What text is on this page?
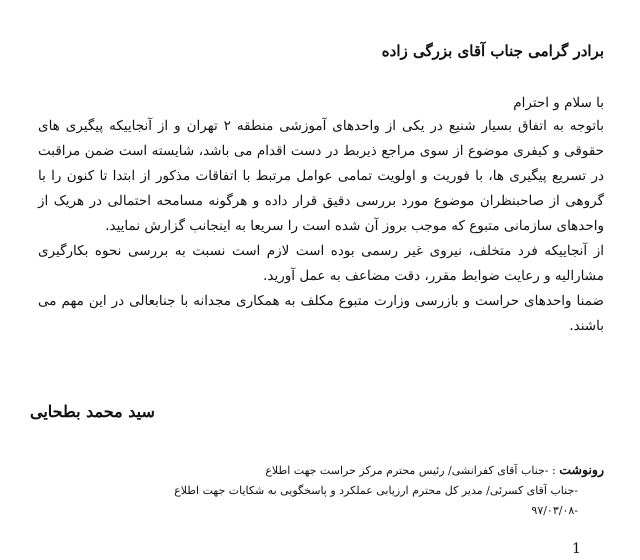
برادر گرامی جناب آقای بزرگی زاده

با سلام و احترام

باتوجه به اتفاق بسیار شنیع در یکی از واحدهای آموزشی منطقه ۲ تهران و از آنجاییکه پیگیری های حقوقی و کیفری موضوع از سوی مراجع ذیربط در دست اقدام می باشد، شایسته است ضمن مراقبت در تسریع پیگیری ها، با فوریت و اولویت تمامی عوامل مرتبط با اتفاقات مذکور از ابتدا تا کنون را با گروهی از صاحبنظران موضوع مورد بررسی دقیق قرار داده و هرگونه مسامحه احتمالی در هریک از واحدهای سازمانی متبوع که موجب بروز آن شده است را سریعا به اینجانب گزارش نمایید.

از آنجاییکه فرد متخلف، نیروی غیر رسمی بوده است لازم است نسبت به بررسی نحوه بکارگیری مشارالیه و رعایت ضوابط مقرر، دقت مضاعف به عمل آورید.

ضمنا واحدهای حراست و بازرسی وزارت متبوع مکلف به همکاری مجدانه با جنابعالی در این مهم می باشند.

سید محمد بطحایی
رونوشت : -جناب آقای کفرانشی/ رئیس محترم مرکز حراست جهت اطلاع
-جناب آقای کسرئی/ مدیر کل محترم ارزیابی عملکرد و پاسخگویی به شکایات جهت اطلاع
-۹۷/۰۳/۰۸
1
